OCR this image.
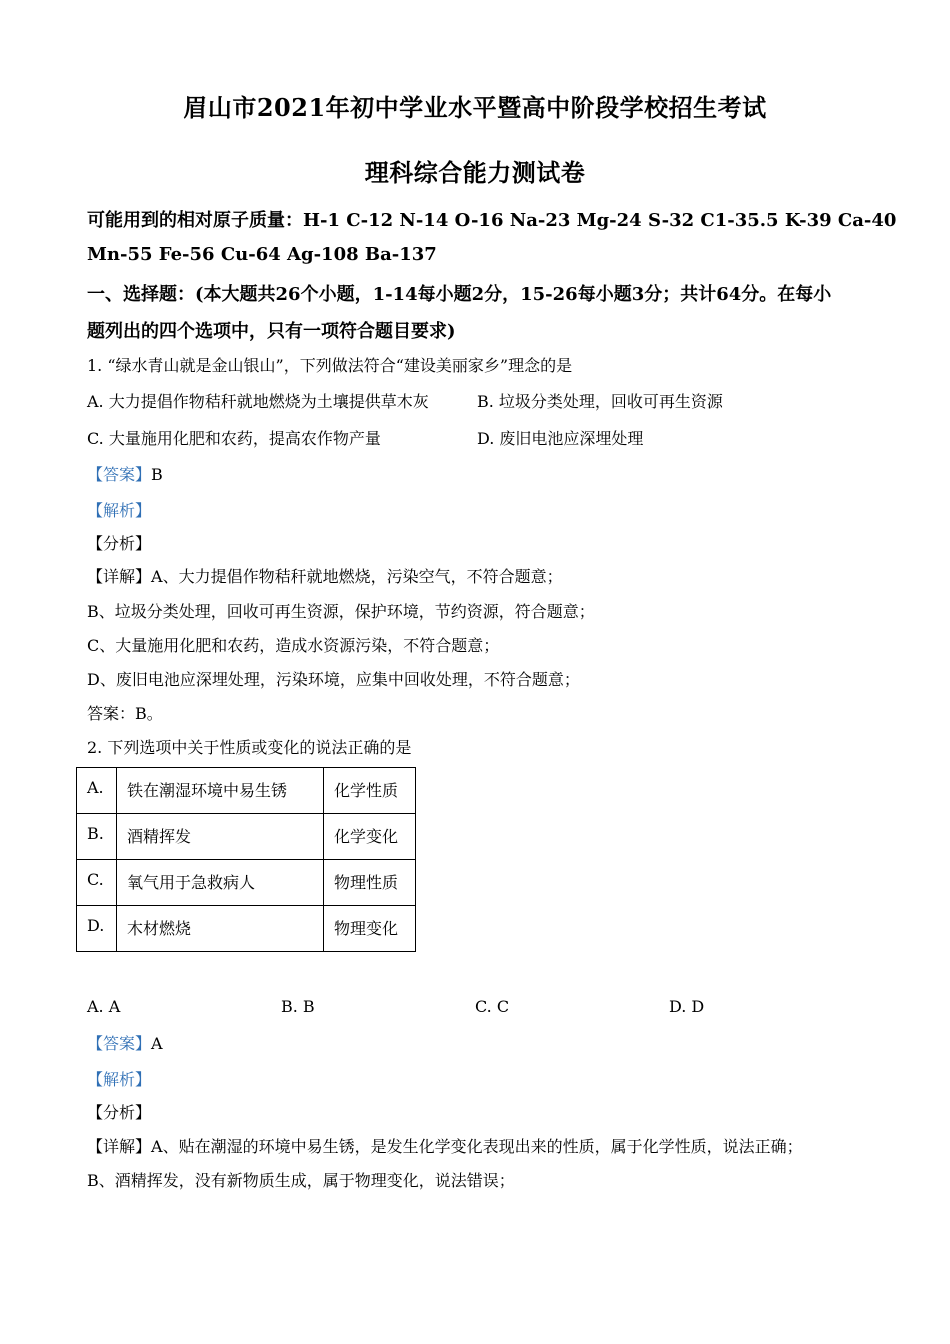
眉山市2021年初中学业水平暨高中阶段学校招生考试
理科综合能力测试卷
可能用到的相对原子质量：H-1 C-12 N-14 O-16 Na-23 Mg-24 S-32 C1-35.5 K-39 Ca-40
Mn-55 Fe-56 Cu-64 Ag-108 Ba-137
一、选择题：(本大题共26个小题，1-14每小题2分，15-26每小题3分；共计64分。在每小
题列出的四个选项中，只有一项符合题目要求)
1. “绿水青山就是金山银山”，下列做法符合“建设美丽家乡”理念的是
A. 大力提倡作物秸秆就地燃烧为土壤提供草木灰	B. 垃圾分类处理，回收可再生资源
C. 大量施用化肥和农药，提高农作物产量	D. 废旧电池应深埋处理
【答案】B
【解析】
【分析】
【详解】A、大力提倡作物秸秆就地燃烧，污染空气，不符合题意；
B、垃圾分类处理，回收可再生资源，保护环境，节约资源，符合题意；
C、大量施用化肥和农药，造成水资源污染，不符合题意；
D、废旧电池应深埋处理，污染环境，应集中回收处理，不符合题意；
答案：B。
2. 下列选项中关于性质或变化的说法正确的是
A.	铁在潮湿环境中易生锈	化学性质
B.	酒精挥发	化学变化
C.	氧气用于急救病人	物理性质
D.	木材燃烧	物理变化
A. A	B. B	C. C	D. D
【答案】A
【解析】
【分析】
【详解】A、贴在潮湿的环境中易生锈，是发生化学变化表现出来的性质，属于化学性质，说法正确；
B、酒精挥发，没有新物质生成，属于物理变化，说法错误；
